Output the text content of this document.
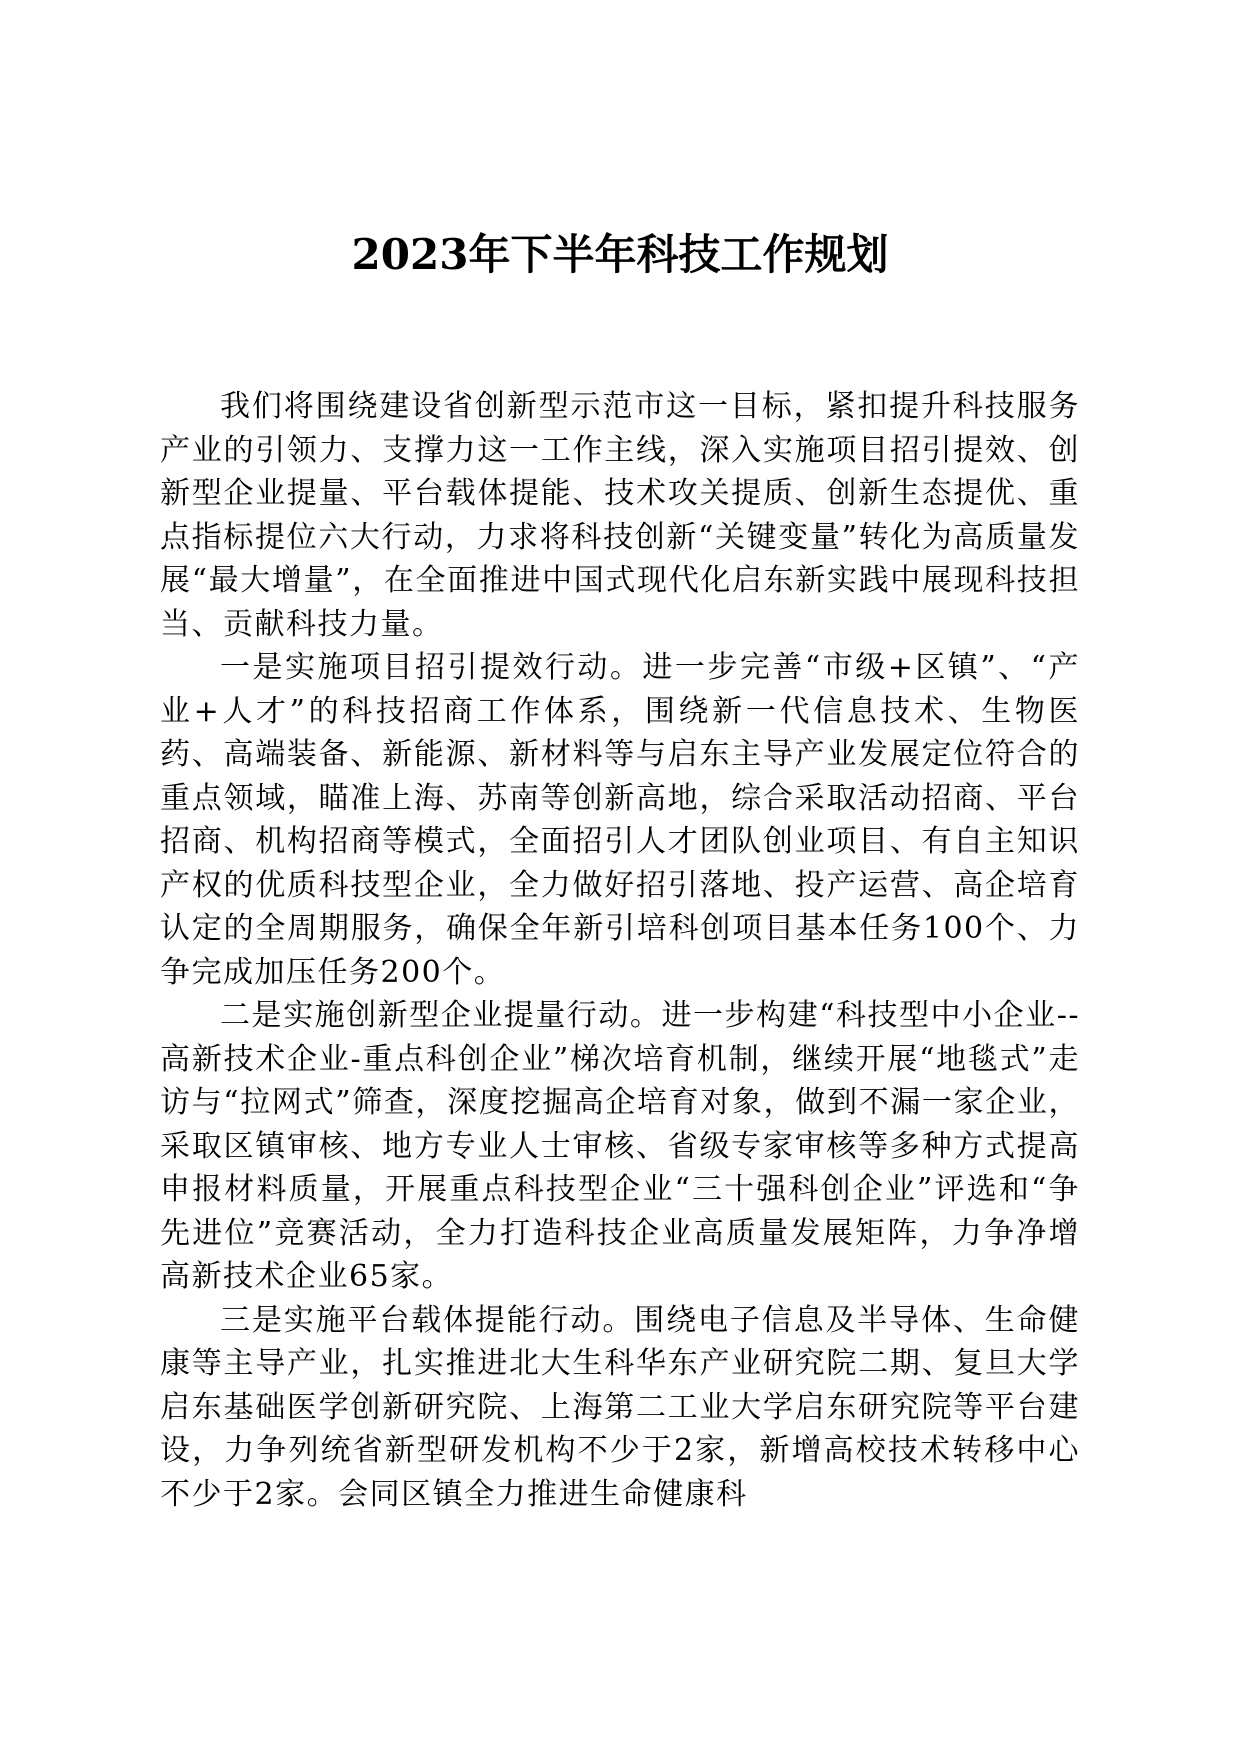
2023年下半年科技工作规划

我们将围绕建设省创新型示范市这一目标，紧扣提升科技服务产业的引领力、支撑力这一工作主线，深入实施项目招引提效、创新型企业提量、平台载体提能、技术攻关提质、创新生态提优、重点指标提位六大行动，力求将科技创新“关键变量”转化为高质量发展“最大增量”，在全面推进中国式现代化启东新实践中展现科技担当、贡献科技力量。

一是实施项目招引提效行动。进一步完善“市级+区镇”、“产业+人才”的科技招商工作体系，围绕新一代信息技术、生物医药、高端装备、新能源、新材料等与启东主导产业发展定位符合的重点领域，瞄准上海、苏南等创新高地，综合采取活动招商、平台招商、机构招商等模式，全面招引人才团队创业项目、有自主知识产权的优质科技型企业，全力做好招引落地、投产运营、高企培育认定的全周期服务，确保全年新引培科创项目基本任务100个、力争完成加压任务200个。

二是实施创新型企业提量行动。进一步构建“科技型中小企业--高新技术企业-重点科创企业”梯次培育机制，继续开展“地毯式”走访与“拉网式”筛查，深度挖掘高企培育对象，做到不漏一家企业，采取区镇审核、地方专业人士审核、省级专家审核等多种方式提高申报材料质量，开展重点科技型企业“三十强科创企业”评选和“争先进位”竞赛活动，全力打造科技企业高质量发展矩阵，力争净增高新技术企业65家。

三是实施平台载体提能行动。围绕电子信息及半导体、生命健康等主导产业，扎实推进北大生科华东产业研究院二期、复旦大学启东基础医学创新研究院、上海第二工业大学启东研究院等平台建设，力争列统省新型研发机构不少于2家，新增高校技术转移中心不少于2家。会同区镇全力推进生命健康科
